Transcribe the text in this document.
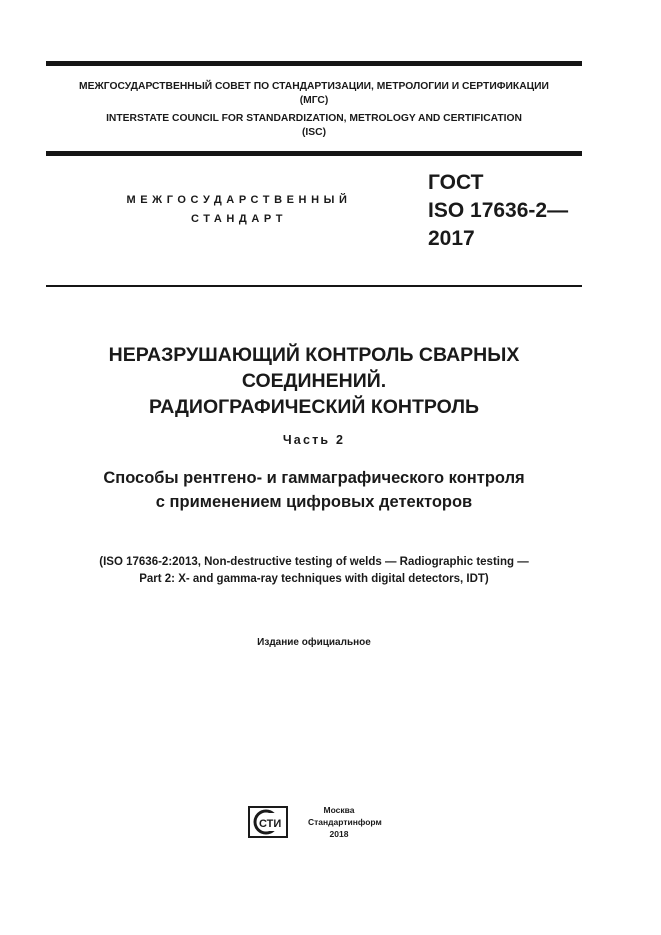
МЕЖГОСУДАРСТВЕННЫЙ СОВЕТ ПО СТАНДАРТИЗАЦИИ, МЕТРОЛОГИИ И СЕРТИФИКАЦИИ
(МГС)
INTERSTATE COUNCIL FOR STANDARDIZATION, METROLOGY AND CERTIFICATION
(ISC)
МЕЖГОСУДАРСТВЕННЫЙ
СТАНДАРТ
ГОСТ
ISO 17636-2—
2017
НЕРАЗРУШАЮЩИЙ КОНТРОЛЬ СВАРНЫХ
СОЕДИНЕНИЙ.
РАДИОГРАФИЧЕСКИЙ КОНТРОЛЬ
Часть 2
Способы рентгено- и гаммаграфического контроля
с применением цифровых детекторов
(ISO 17636-2:2013, Non-destructive testing of welds — Radiographic testing —
Part 2: X- and gamma-ray techniques with digital detectors, IDT)
Издание официальное
СТИ
Москва
Стандартинформ
2018
